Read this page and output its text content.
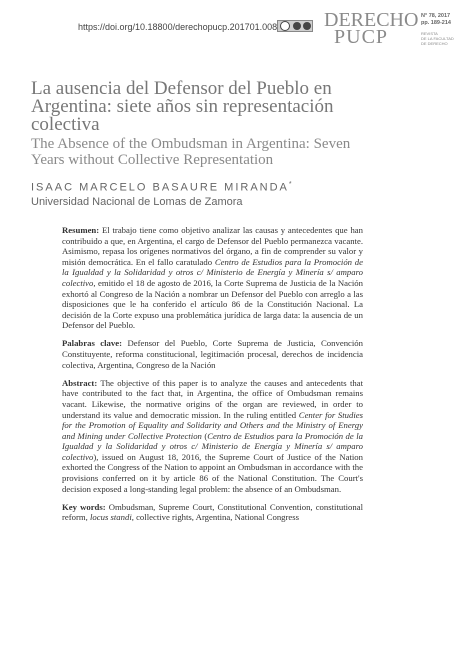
https://doi.org/10.18800/derechopucp.201701.008 DERECHO
PUCP
N° 78, 2017
pp. 189-214
REVISTA
DE LA FACULTAD
DE DERECHO
La ausencia del Defensor del Pueblo en Argentina: siete años sin representación colectiva
The Absence of the Ombudsman in Argentina: Seven Years without Collective Representation
ISAAC MARCELO BASAURE MIRANDA*
Universidad Nacional de Lomas de Zamora

Resumen: El trabajo tiene como objetivo analizar las causas y antecedentes que han contribuido a que, en Argentina, el cargo de Defensor del Pueblo permanezca vacante. Asimismo, repasa los orígenes normativos del órgano, a fin de comprender su valor y misión democrática. En el fallo caratulado Centro de Estudios para la Promoción de la Igualdad y la Solidaridad y otros c/ Ministerio de Energía y Minería s/ amparo colectivo, emitido el 18 de agosto de 2016, la Corte Suprema de Justicia de la Nación exhortó al Congreso de la Nación a nombrar un Defensor del Pueblo con arreglo a las disposiciones que le ha conferido el artículo 86 de la Constitución Nacional. La decisión de la Corte expuso una problemática jurídica de larga data: la ausencia de un Defensor del Pueblo.

Palabras clave: Defensor del Pueblo, Corte Suprema de Justicia, Convención Constituyente, reforma constitucional, legitimación procesal, derechos de incidencia colectiva, Argentina, Congreso de la Nación

Abstract: The objective of this paper is to analyze the causes and antecedents that have contributed to the fact that, in Argentina, the office of Ombudsman remains vacant. Likewise, the normative origins of the organ are reviewed, in order to understand its value and democratic mission. In the ruling entitled Center for Studies for the Promotion of Equality and Solidarity and Others and the Ministry of Energy and Mining under Collective Protection (Centro de Estudios para la Promoción de la Igualdad y la Solidaridad y otros c/ Ministerio de Energía y Minería s/ amparo colectivo), issued on August 18, 2016, the Supreme Court of Justice of the Nation exhorted the Congress of the Nation to appoint an Ombudsman in accordance with the provisions conferred on it by article 86 of the National Constitution. The Court's decision exposed a long-standing legal problem: the absence of an Ombudsman.

Key words: Ombudsman, Supreme Court, Constitutional Convention, constitutional reform, locus standi, collective rights, Argentina, National Congress
